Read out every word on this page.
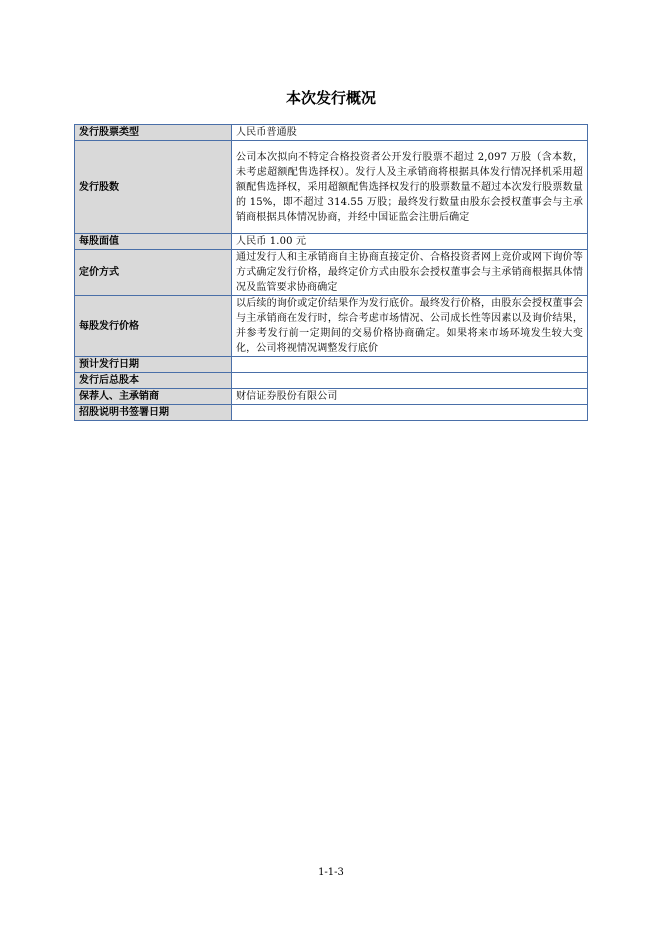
本次发行概况
发行股票类型	人民币普通股
发行股数	公司本次拟向不特定合格投资者公开发行股票不超过 2,097 万股（含本数，未考虑超额配售选择权）。发行人及主承销商将根据具体发行情况择机采用超额配售选择权，采用超额配售选择权发行的股票数量不超过本次发行股票数量的 15%，即不超过 314.55 万股；最终发行数量由股东会授权董事会与主承销商根据具体情况协商，并经中国证监会注册后确定
每股面值	人民币 1.00 元
定价方式	通过发行人和主承销商自主协商直接定价、合格投资者网上竞价或网下询价等方式确定发行价格，最终定价方式由股东会授权董事会与主承销商根据具体情况及监管要求协商确定
每股发行价格	以后续的询价或定价结果作为发行底价。最终发行价格，由股东会授权董事会与主承销商在发行时，综合考虑市场情况、公司成长性等因素以及询价结果，并参考发行前一定期间的交易价格协商确定。如果将来市场环境发生较大变化，公司将视情况调整发行底价
预计发行日期	
发行后总股本	
保荐人、主承销商	财信证券股份有限公司
招股说明书签署日期	
1-1-3
